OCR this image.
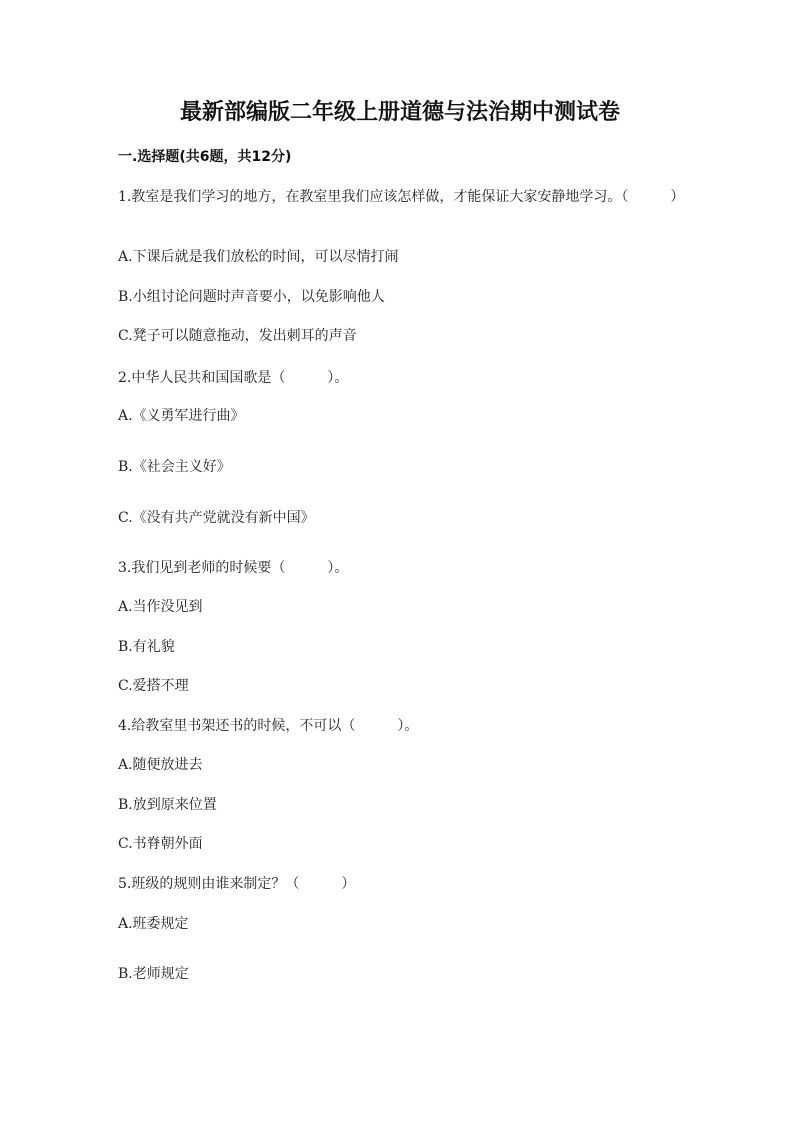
最新部编版二年级上册道德与法治期中测试卷
一.选择题(共6题，共12分)
1.教室是我们学习的地方，在教室里我们应该怎样做，才能保证大家安静地学习。（　　　）
A.下课后就是我们放松的时间，可以尽情打闹
B.小组讨论问题时声音要小，以免影响他人
C.凳子可以随意拖动，发出刺耳的声音
2.中华人民共和国国歌是（　　　）。
A.《义勇军进行曲》
B.《社会主义好》
C.《没有共产党就没有新中国》
3.我们见到老师的时候要（　　　）。
A.当作没见到
B.有礼貌
C.爱搭不理
4.给教室里书架还书的时候，不可以（　　　）。
A.随便放进去
B.放到原来位置
C.书脊朝外面
5.班级的规则由谁来制定？（　　　）
A.班委规定
B.老师规定
